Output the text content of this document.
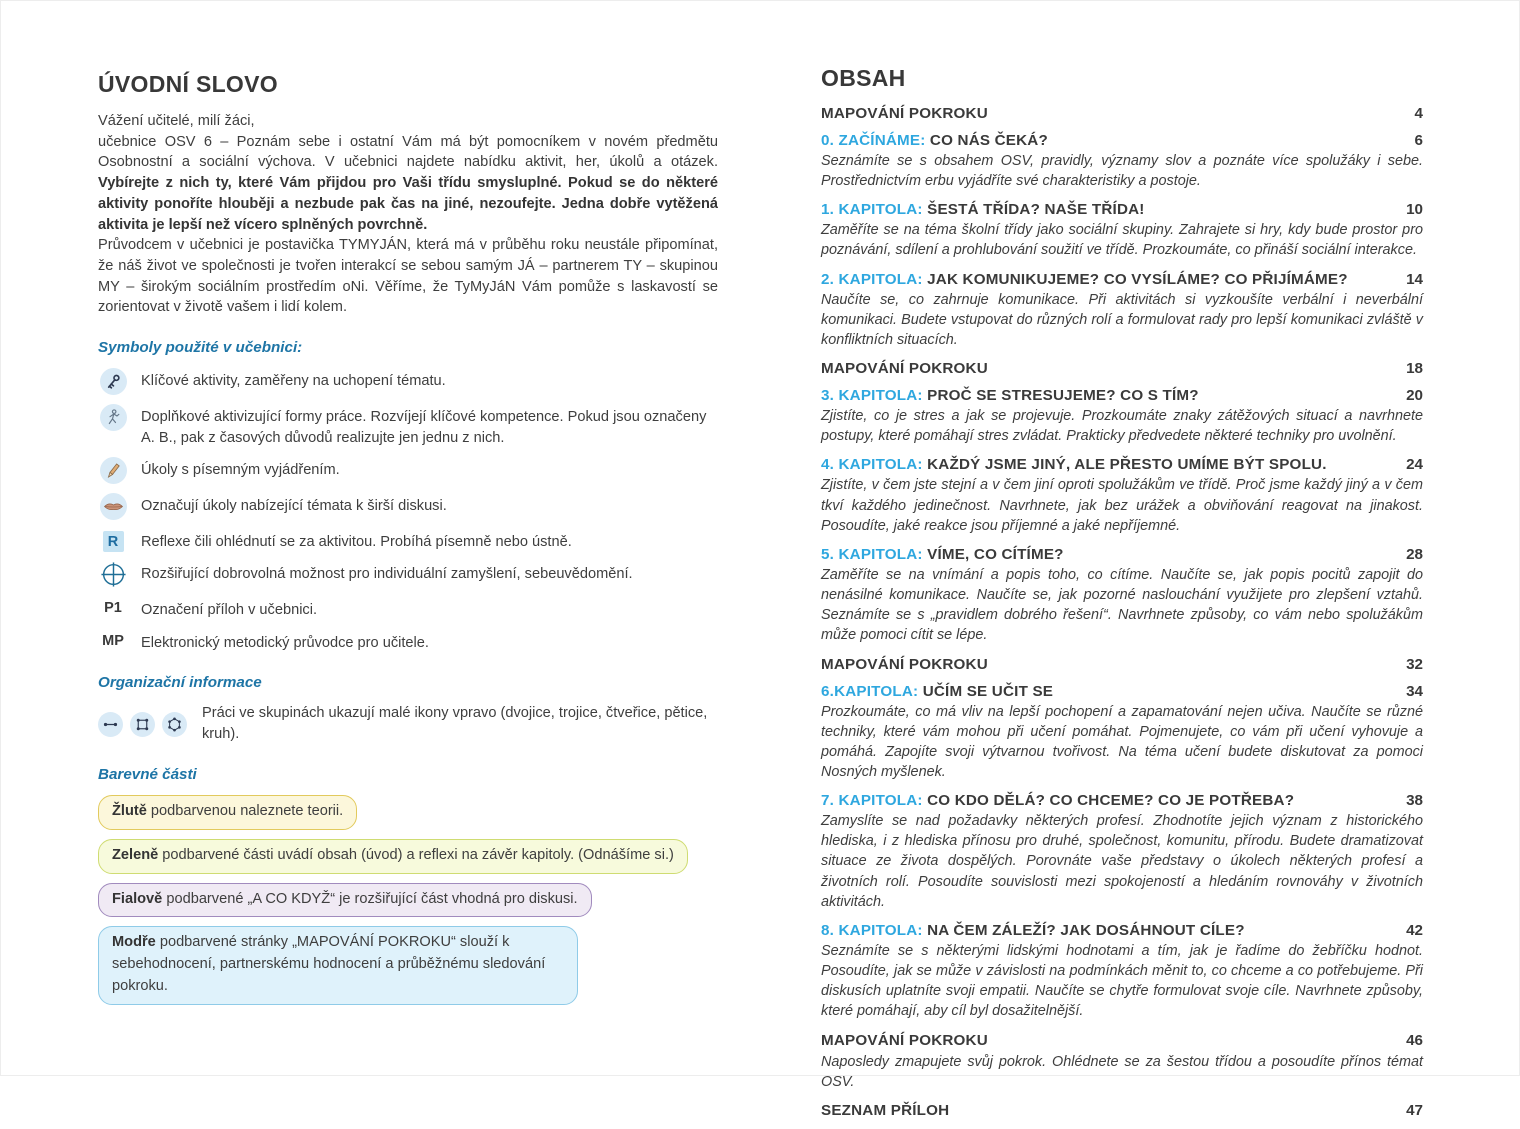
ÚVODNÍ SLOVO

Vážení učitelé, milí žáci,

učebnice OSV 6 – Poznám sebe i ostatní Vám má být pomocníkem v novém předmětu Osobnostní a sociální výchova. V učebnici najdete nabídku aktivit, her, úkolů a otázek. Vybírejte z nich ty, které Vám přijdou pro Vaši třídu smysluplné. Pokud se do některé aktivity ponoříte hlouběji a nezbude pak čas na jiné, nezoufejte. Jedna dobře vytěžená aktivita je lepší než vícero splněných povrchně.

Průvodcem v učebnici je postavička TYMYJÁN, která má v průběhu roku neustále připomínat, že náš život ve společnosti je tvořen interakcí se sebou samým JÁ – partnerem TY – skupinou MY – širokým sociálním prostředím oNi. Věříme, že TyMyJáN Vám pomůže s laskavostí se zorientovat v životě vašem i lidí kolem.

Symboly použité v učebnici:
Klíčové aktivity, zaměřeny na uchopení tématu.
Doplňkové aktivizující formy práce. Rozvíjejí klíčové kompetence. Pokud jsou označeny A. B., pak z časových důvodů realizujte jen jednu z nich.
Úkoly s písemným vyjádřením.
Označují úkoly nabízející témata k širší diskusi.
R	Reflexe čili ohlédnutí se za aktivitou. Probíhá písemně nebo ústně.
Rozšiřující dobrovolná možnost pro individuální zamyšlení, sebeuvědomění.
P1 Označení příloh v učebnici.
MP Elektronický metodický průvodce pro učitele.
Organizační informace
Práci ve skupinách ukazují malé ikony vpravo (dvojice, trojice, čtveřice, pětice, kruh).
Barevné části
Žlutě podbarvenou naleznete teorii.
Zeleně podbarvené části uvádí obsah (úvod) a reflexi na závěr kapitoly. (Odnášíme si.)
Fialově podbarvené „A CO KDYŽ“ je rozšiřující část vhodná pro diskusi.
Modře podbarvené stránky „MAPOVÁNÍ POKROKU“ slouží k sebehodnocení, partnerskému hodnocení a průběžnému sledování pokroku.
OBSAH
MAPOVÁNÍ POKROKU	4
0. ZAČÍNÁME: CO NÁS ČEKÁ?	6

Seznámíte se s obsahem OSV, pravidly, významy slov a poznáte více spolužáky i sebe. Prostřednictvím erbu vyjádříte své charakteristiky a postoje.

1. KAPITOLA: ŠESTÁ TŘÍDA? NAŠE TŘÍDA!	10

Zaměříte se na téma školní třídy jako sociální skupiny. Zahrajete si hry, kdy bude prostor pro poznávání, sdílení a prohlubování soužití ve třídě. Prozkoumáte, co přináší sociální interakce.

2. KAPITOLA: JAK KOMUNIKUJEME? CO VYSÍLÁME? CO PŘIJÍMÁME?	14

Naučíte se, co zahrnuje komunikace. Při aktivitách si vyzkoušíte verbální i neverbální komunikaci. Budete vstupovat do různých rolí a formulovat rady pro lepší komunikaci zvláště v konfliktních situacích.

MAPOVÁNÍ POKROKU	18
3. KAPITOLA: PROČ SE STRESUJEME? CO S TÍM?	20

Zjistíte, co je stres a jak se projevuje. Prozkoumáte znaky zátěžových situací a navrhnete postupy, které pomáhají stres zvládat. Prakticky předvedete některé techniky pro uvolnění.

4. KAPITOLA: KAŽDÝ JSME JINÝ, ALE PŘESTO UMÍME BÝT SPOLU.	24

Zjistíte, v čem jste stejní a v čem jiní oproti spolužákům ve třídě. Proč jsme každý jiný a v čem tkví každého jedinečnost. Navrhnete, jak bez urážek a obviňování reagovat na jinakost. Posoudíte, jaké reakce jsou příjemné a jaké nepříjemné.

5. KAPITOLA: VÍME, CO CÍTÍME?	28

Zaměříte se na vnímání a popis toho, co cítíme. Naučíte se, jak popis pocitů zapojit do nenásilné komunikace. Naučíte se, jak pozorné naslouchání využijete pro zlepšení vztahů. Seznámíte se s „pravidlem dobrého řešení“. Navrhnete způsoby, co vám nebo spolužákům může pomoci cítit se lépe.

MAPOVÁNÍ POKROKU	32
6.KAPITOLA: UČÍM SE UČIT SE	34

Prozkoumáte, co má vliv na lepší pochopení a zapamatování nejen učiva. Naučíte se různé techniky, které vám mohou při učení pomáhat. Pojmenujete, co vám při učení vyhovuje a pomáhá. Zapojíte svoji výtvarnou tvořivost. Na téma učení budete diskutovat za pomoci Nosných myšlenek.

7. KAPITOLA: CO KDO DĚLÁ? CO CHCEME? CO JE POTŘEBA?	38

Zamyslíte se nad požadavky některých profesí. Zhodnotíte jejich význam z historického hlediska, i z hlediska přínosu pro druhé, společnost, komunitu, přírodu. Budete dramatizovat situace ze života dospělých. Porovnáte vaše představy o úkolech některých profesí a životních rolí. Posoudíte souvislosti mezi spokojeností a hledáním rovnováhy v životních aktivitách.

8. KAPITOLA: NA ČEM ZÁLEŽÍ? JAK DOSÁHNOUT CÍLE?	42

Seznámíte se s některými lidskými hodnotami a tím, jak je řadíme do žebříčku hodnot. Posoudíte, jak se může v závislosti na podmínkách měnit to, co chceme a co potřebujeme. Při diskusích uplatníte svoji empatii. Naučíte se chytře formulovat svoje cíle. Navrhnete způsoby, které pomáhají, aby cíl byl dosažitelnější.

MAPOVÁNÍ POKROKU	46

Naposledy zmapujete svůj pokrok. Ohlédnete se za šestou třídou a posoudíte přínos témat OSV.

SEZNAM PŘÍLOH	47
